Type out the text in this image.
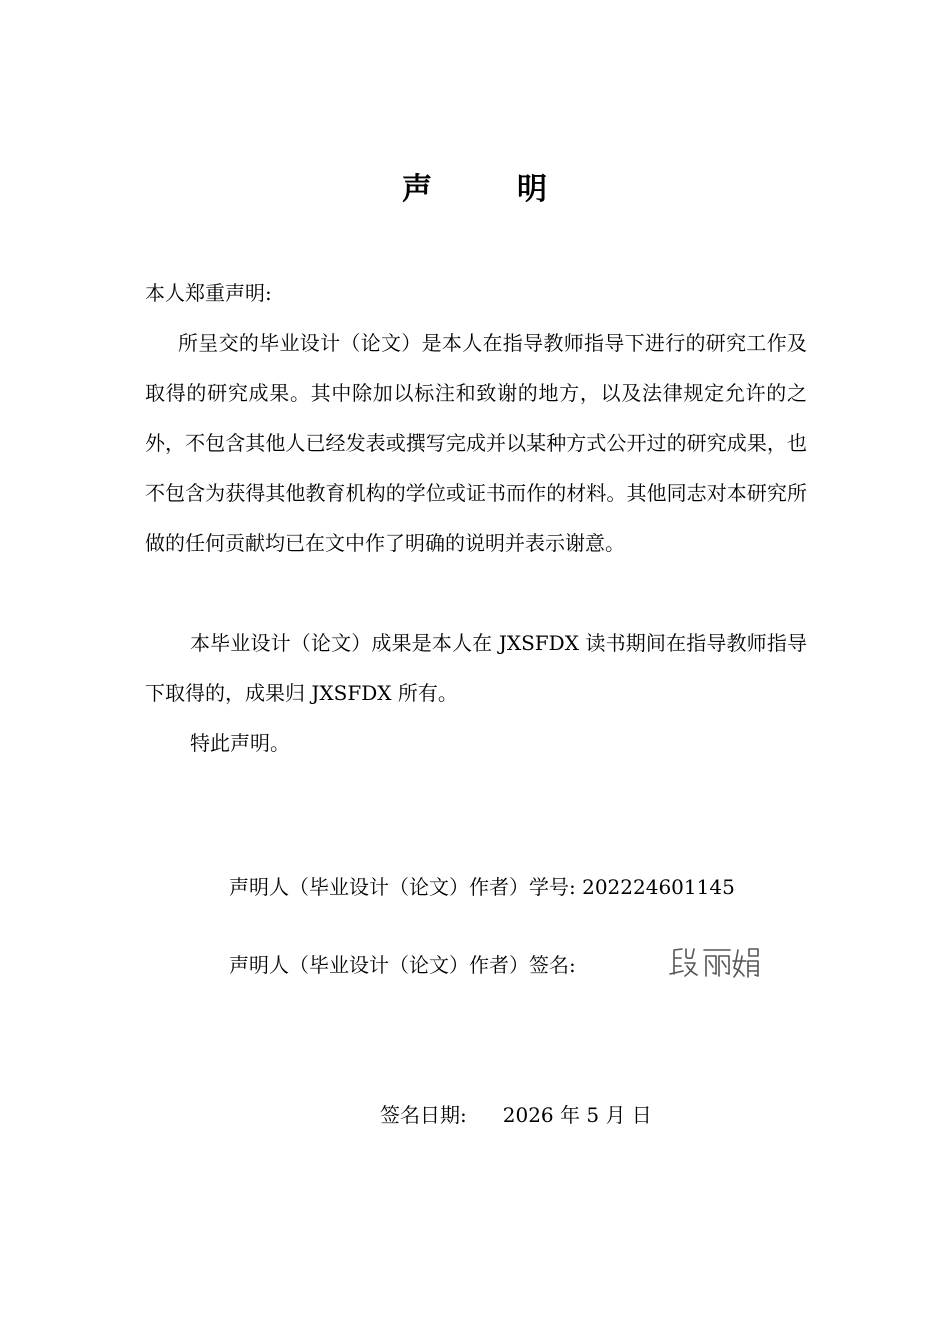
声	明
本人郑重声明:
所呈交的毕业设计（论文）是本人在指导教师指导下进行的研究工作及取得的研究成果。其中除加以标注和致谢的地方，以及法律规定允许的之外，不包含其他人已经发表或撰写完成并以某种方式公开过的研究成果，也不包含为获得其他教育机构的学位或证书而作的材料。其他同志对本研究所做的任何贡献均已在文中作了明确的说明并表示谢意。
本毕业设计（论文）成果是本人在 JXSFDX 读书期间在指导教师指导下取得的，成果归 JXSFDX 所有。
特此声明。
声明人（毕业设计（论文）作者）学号: 202224601145
声明人（毕业设计（论文）作者）签名:
签名日期: 2026 年 5 月 日
